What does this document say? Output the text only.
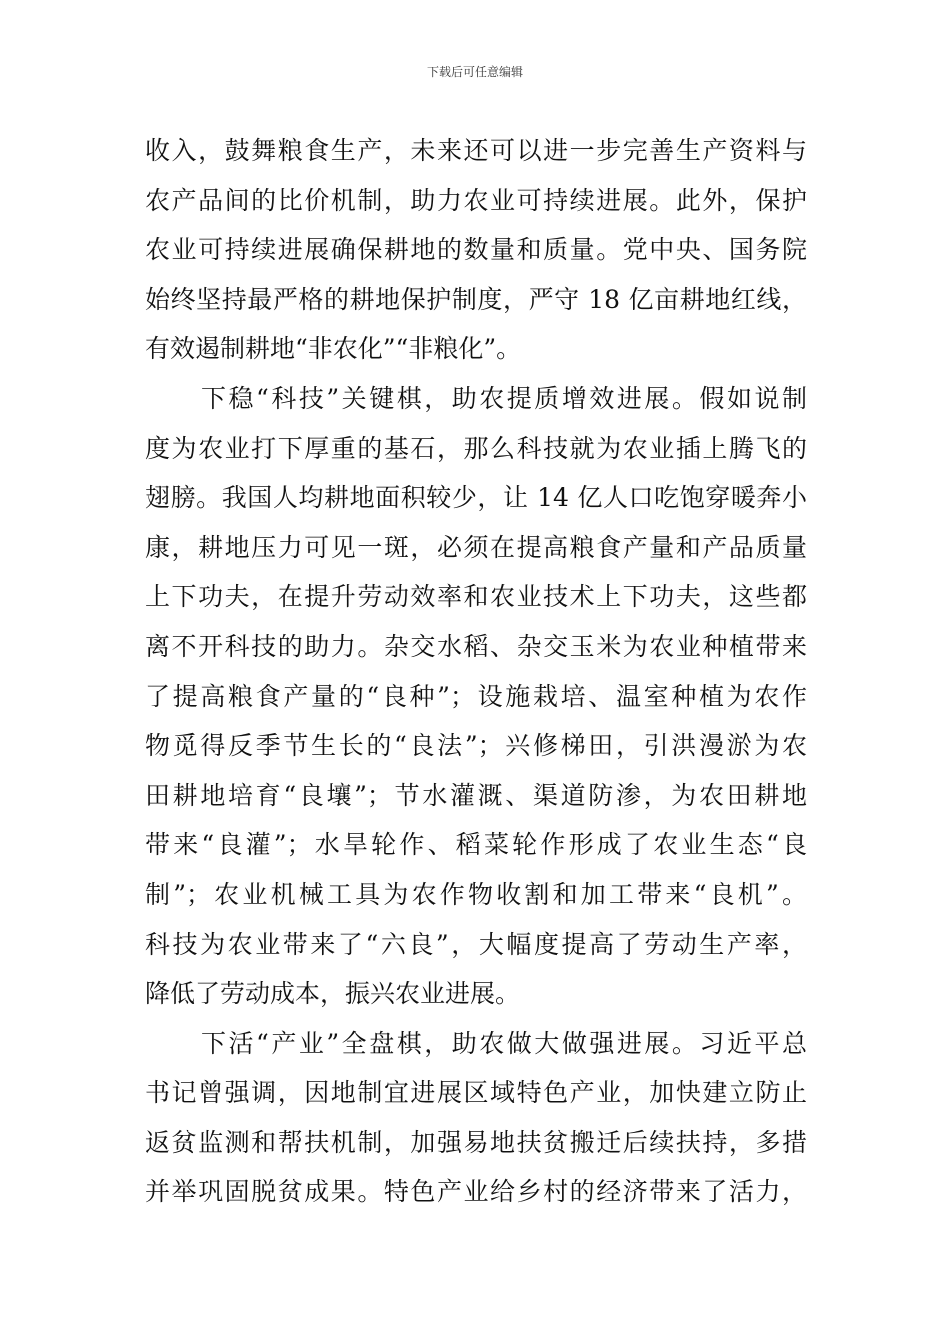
下载后可任意编辑
收入，鼓舞粮食生产，未来还可以进一步完善生产资料与
农产品间的比价机制，助力农业可持续进展。此外，保护
农业可持续进展确保耕地的数量和质量。党中央、国务院
始终坚持最严格的耕地保护制度，严守 18 亿亩耕地红线，
有效遏制耕地“非农化”“非粮化”。
下稳“科技”关键棋，助农提质增效进展。假如说制
度为农业打下厚重的基石，那么科技就为农业插上腾飞的
翅膀。我国人均耕地面积较少，让 14 亿人口吃饱穿暖奔小
康，耕地压力可见一斑，必须在提高粮食产量和产品质量
上下功夫，在提升劳动效率和农业技术上下功夫，这些都
离不开科技的助力。杂交水稻、杂交玉米为农业种植带来
了提高粮食产量的“良种”；设施栽培、温室种植为农作
物觅得反季节生长的“良法”；兴修梯田，引洪漫淤为农
田耕地培育“良壤”；节水灌溉、渠道防渗，为农田耕地
带来“良灌”；水旱轮作、稻菜轮作形成了农业生态“良
制”；农业机械工具为农作物收割和加工带来“良机”。
科技为农业带来了“六良”，大幅度提高了劳动生产率，
降低了劳动成本，振兴农业进展。
下活“产业”全盘棋，助农做大做强进展。习近平总
书记曾强调，因地制宜进展区域特色产业，加快建立防止
返贫监测和帮扶机制，加强易地扶贫搬迁后续扶持，多措
并举巩固脱贫成果。特色产业给乡村的经济带来了活力，
